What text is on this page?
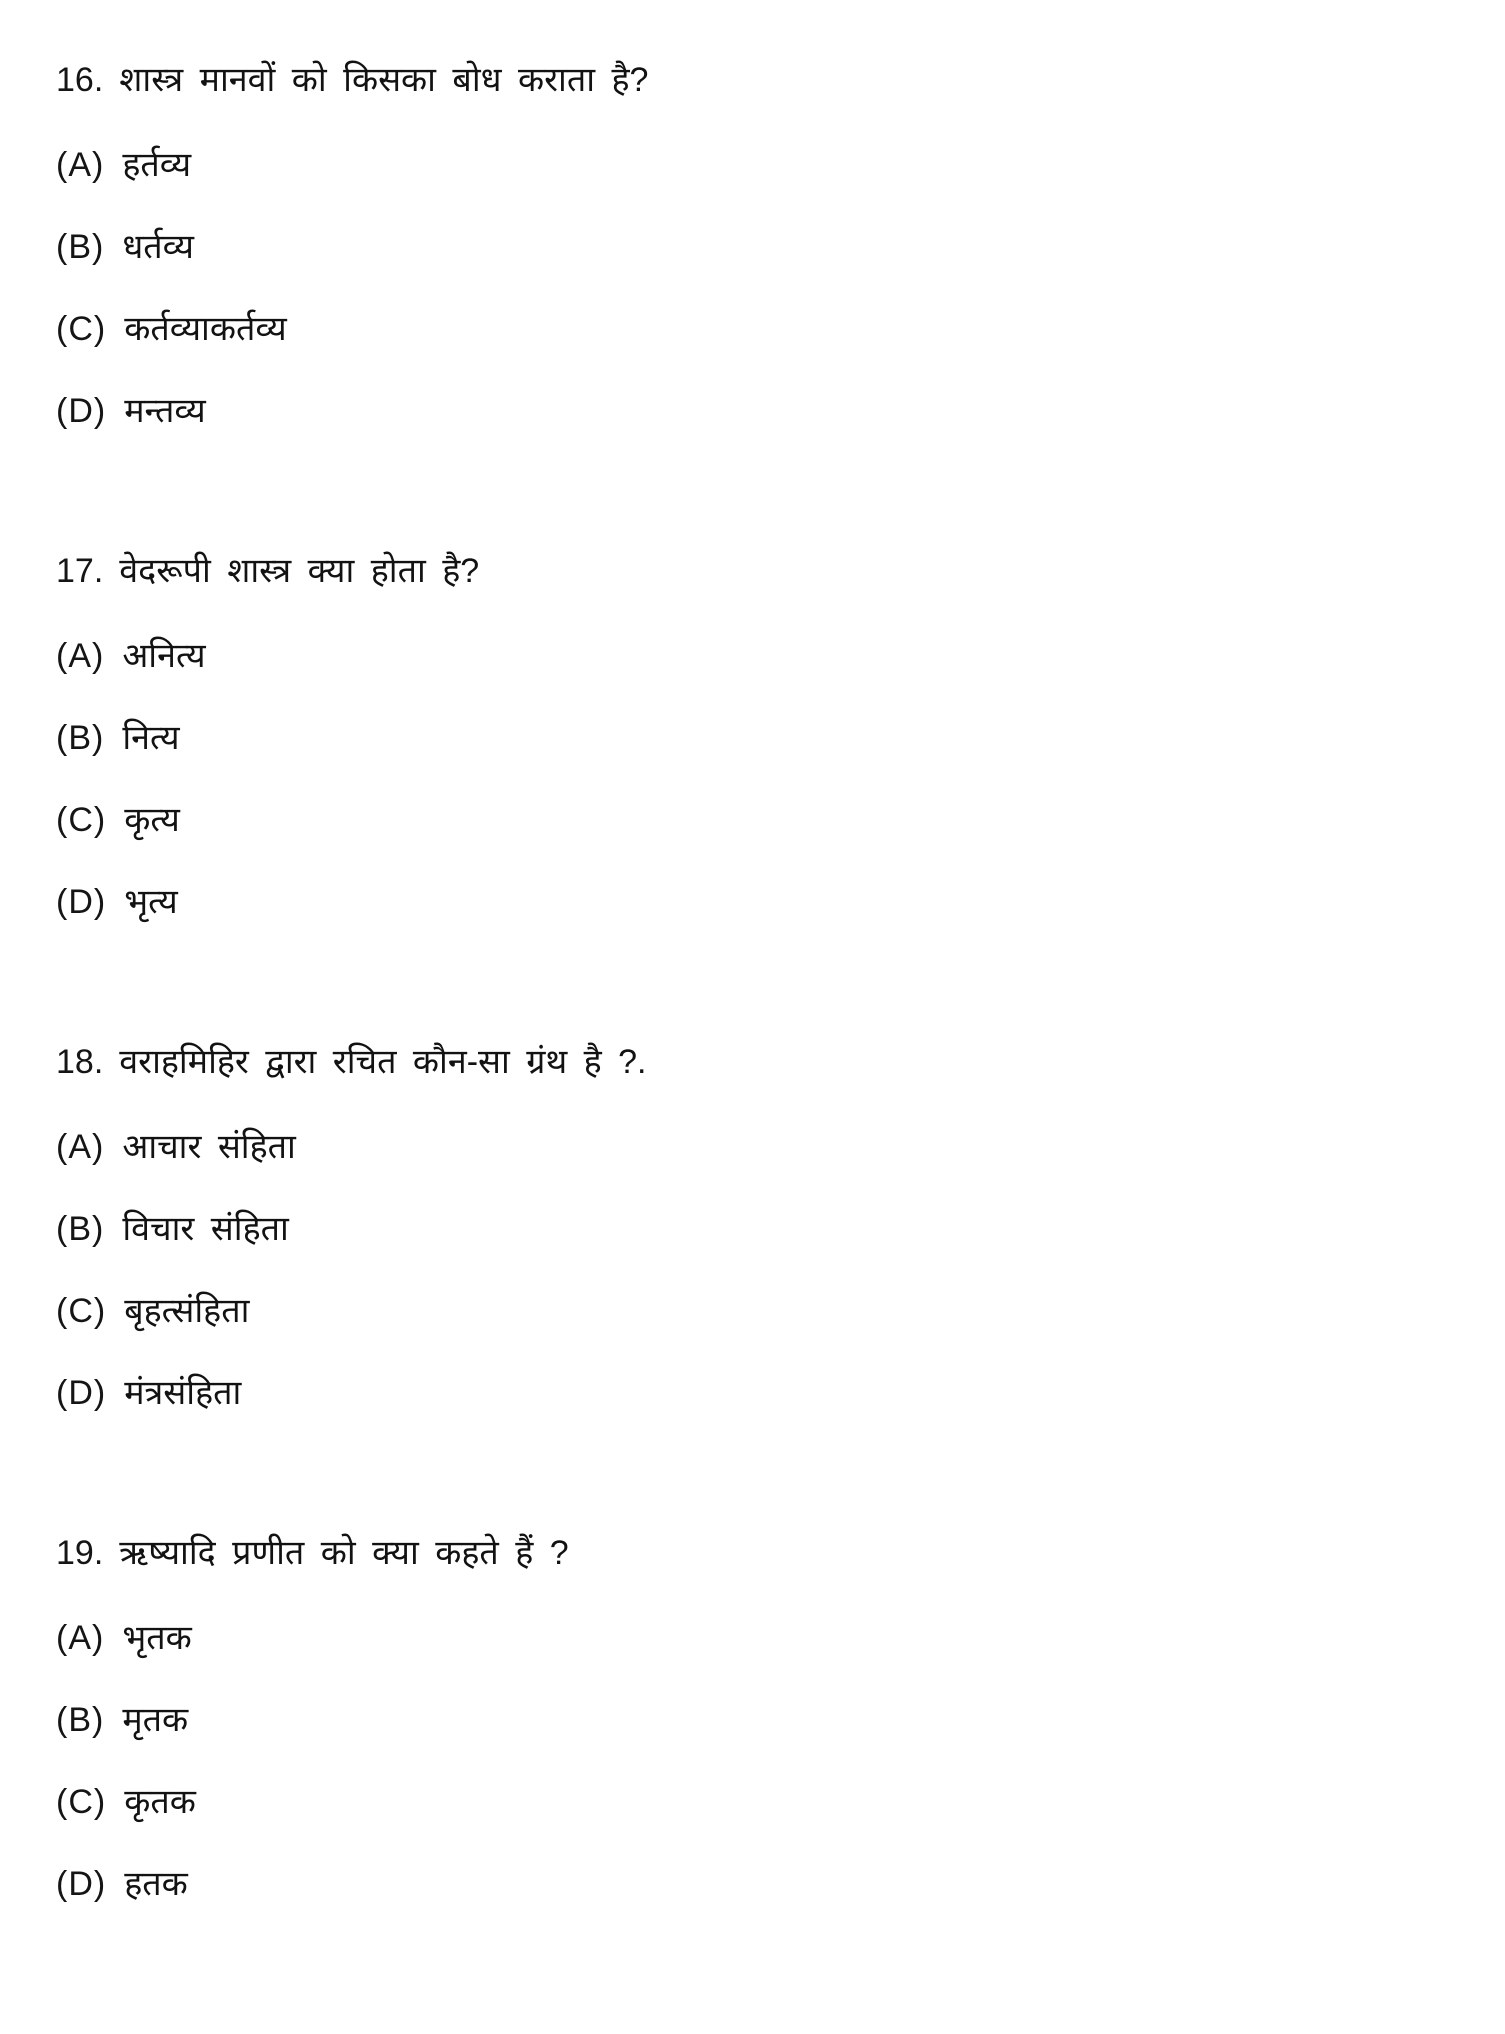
16. शास्त्र मानवों को किसका बोध कराता है?
(A) हर्तव्य
(B) धर्तव्य
(C) कर्तव्याकर्तव्य
(D) मन्तव्य
17. वेदरूपी शास्त्र क्या होता है?
(A) अनित्य
(B) नित्य
(C) कृत्य
(D) भृत्य
18. वराहमिहिर द्वारा रचित कौन-सा ग्रंथ है ?.
(A) आचार संहिता
(B) विचार संहिता
(C) बृहत्संहिता
(D) मंत्रसंहिता
19. ऋष्यादि प्रणीत को क्या कहते हैं ?
(A) भृतक
(B) मृतक
(C) कृतक
(D) हतक
